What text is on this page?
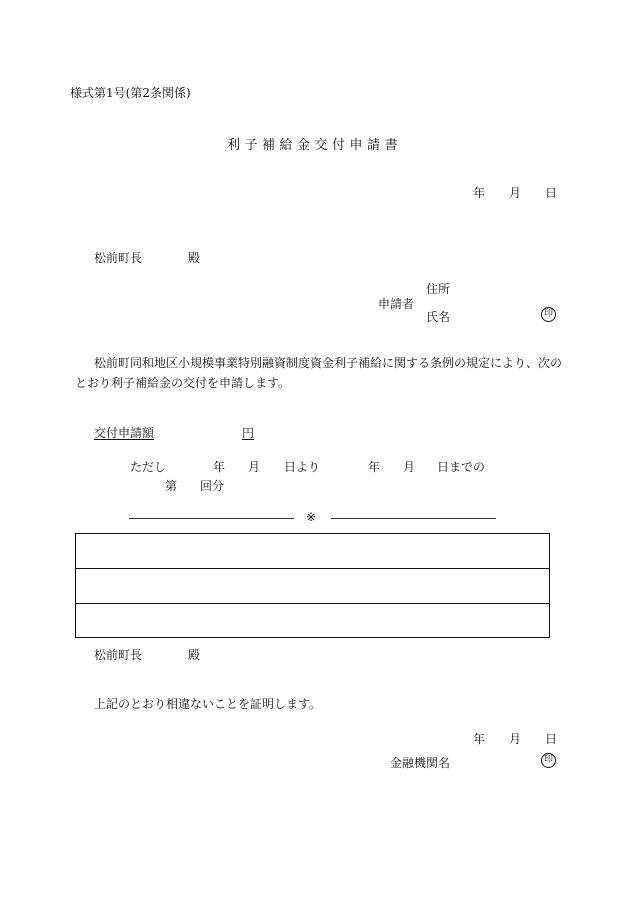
様式第1号(第2条関係)
利子補給金交付申請書
年 月 日
松前町長	殿
住所
申請者
氏名	印
松前町同和地区小規模事業特別融資制度資金利子補給に関する条例の規定により、次の
とおり利子補給金の交付を申請します。
交付申請額	円
ただし	年 月 日より	年 月 日までの
第 回分
※
松前町長	殿
上記のとおり相違ないことを証明します。
年 月 日
金融機関名	印
